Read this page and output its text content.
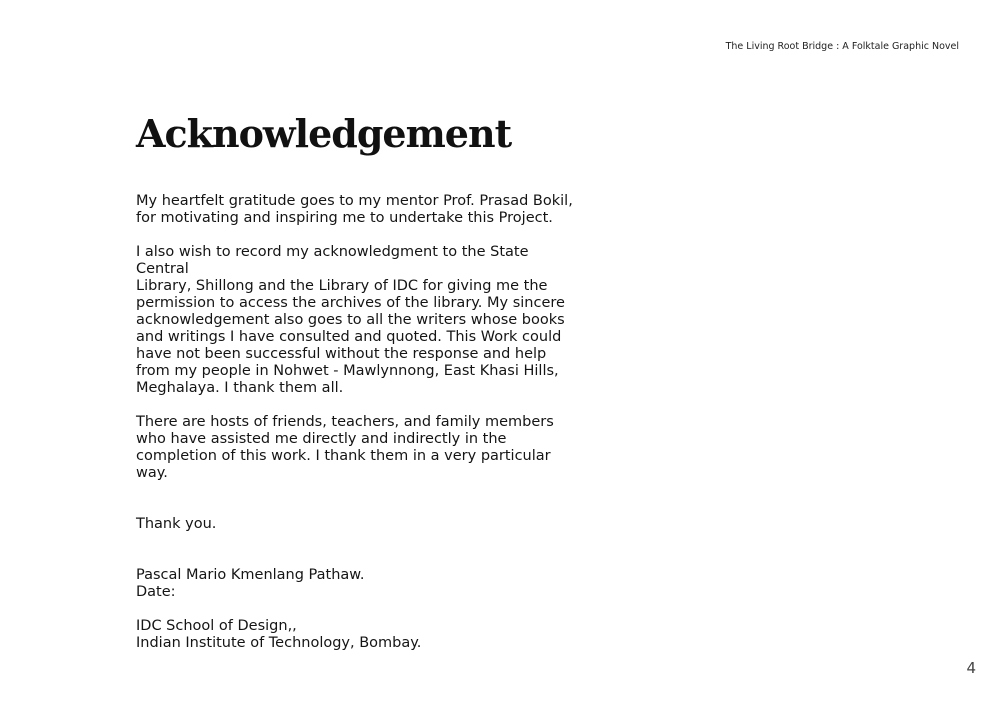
The Living Root Bridge : A Folktale Graphic Novel
Acknowledgement

My heartfelt gratitude goes to my mentor Prof. Prasad Bokil,
for motivating and inspiring me to undertake this Project.

I also wish to record my acknowledgment to the State Central
Library, Shillong and the Library of IDC for giving me the
permission to access the archives of the library. My sincere
acknowledgement also goes to all the writers whose books
and writings I have consulted and quoted. This Work could
have not been successful without the response and help
from my people in Nohwet - Mawlynnong, East Khasi Hills,
Meghalaya. I thank them all.

There are hosts of friends, teachers, and family members
who have assisted me directly and indirectly in the
completion of this work. I thank them in a very particular way.

Thank you.

Pascal Mario Kmenlang Pathaw.

Date:

IDC School of Design,,

Indian Institute of Technology, Bombay.

4
